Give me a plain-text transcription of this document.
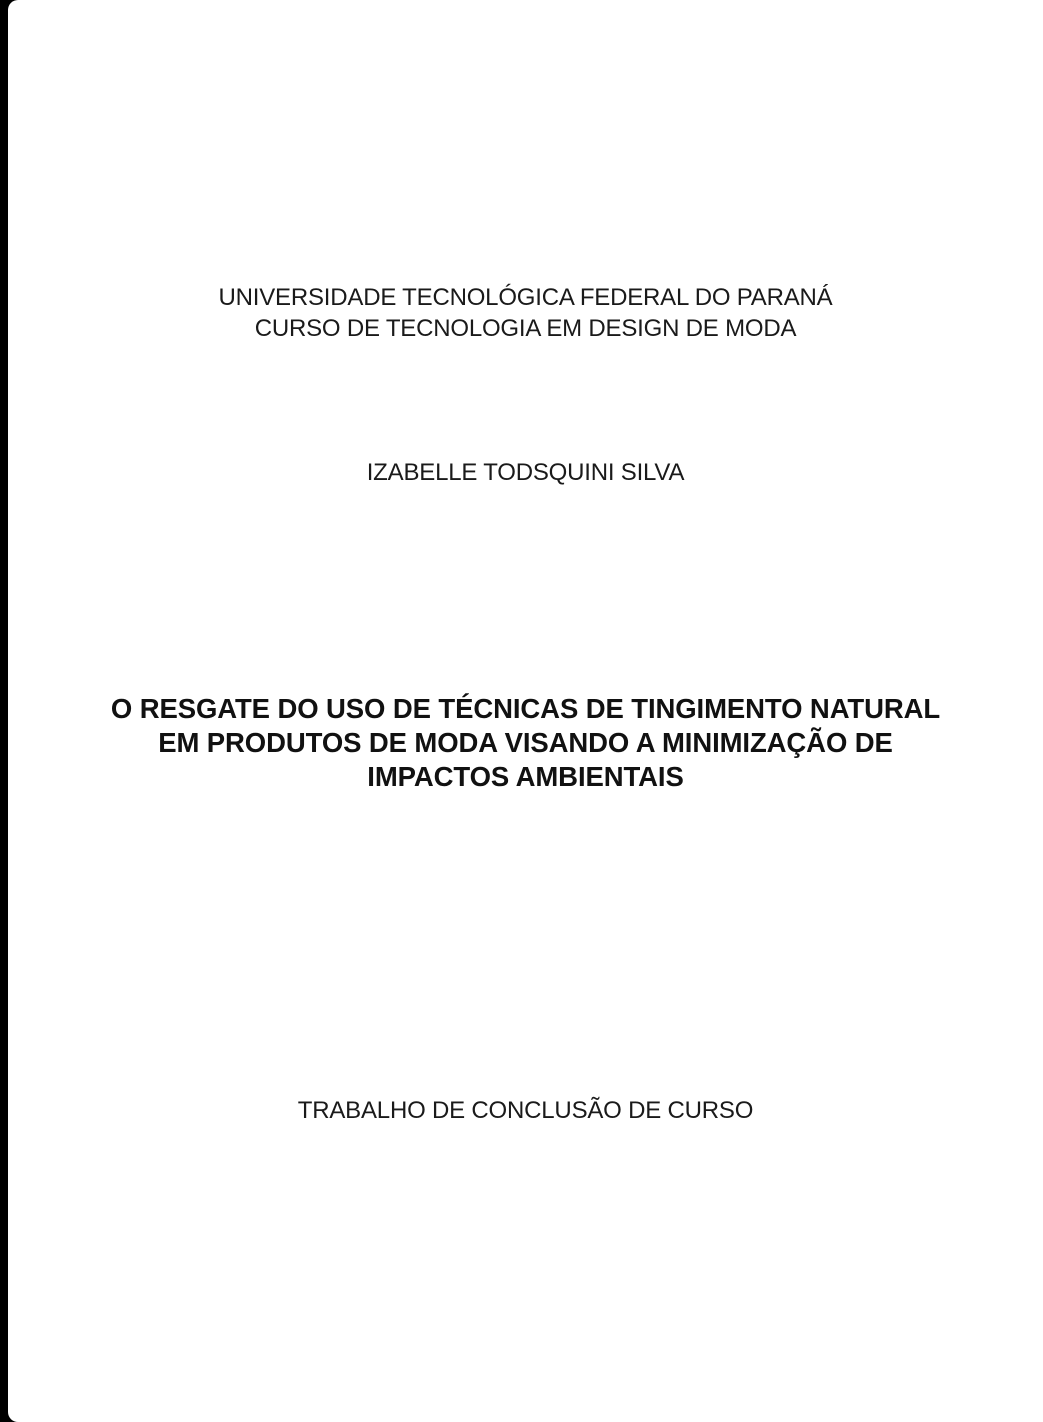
UNIVERSIDADE TECNOLÓGICA FEDERAL DO PARANÁ
CURSO DE TECNOLOGIA EM DESIGN DE MODA
IZABELLE TODSQUINI SILVA
O RESGATE DO USO DE TÉCNICAS DE TINGIMENTO NATURAL
EM PRODUTOS DE MODA VISANDO A MINIMIZAÇÃO DE
IMPACTOS AMBIENTAIS
TRABALHO DE CONCLUSÃO DE CURSO
